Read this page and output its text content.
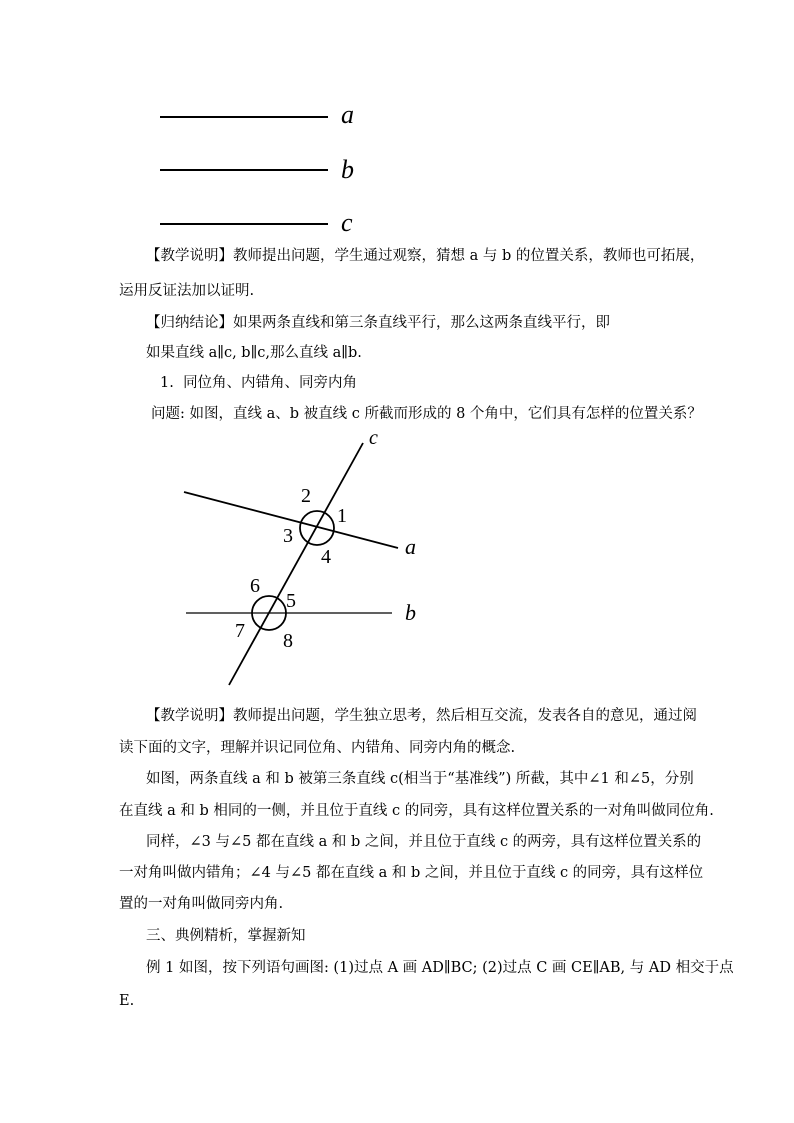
a
b
c
【教学说明】教师提出问题，学生通过观察，猜想 a 与 b 的位置关系，教师也可拓展，
运用反证法加以证明.
【归纳结论】如果两条直线和第三条直线平行，那么这两条直线平行，即
如果直线 a∥c, b∥c,那么直线 a∥b.
1. 同位角、内错角、同旁内角
问题: 如图，直线 a、b 被直线 c 所截而形成的 8 个角中，它们具有怎样的位置关系？
c
a
b
1
2
3
4
5
6
7 8
【教学说明】教师提出问题，学生独立思考，然后相互交流，发表各自的意见，通过阅
读下面的文字，理解并识记同位角、内错角、同旁内角的概念.
如图，两条直线 a 和 b 被第三条直线 c(相当于“基准线”) 所截，其中∠1 和∠5，分别
在直线 a 和 b 相同的一侧，并且位于直线 c 的同旁，具有这样位置关系的一对角叫做同位角.
同样，∠3 与∠5 都在直线 a 和 b 之间，并且位于直线 c 的两旁，具有这样位置关系的
一对角叫做内错角；∠4 与∠5 都在直线 a 和 b 之间，并且位于直线 c 的同旁，具有这样位
置的一对角叫做同旁内角.
三、典例精析，掌握新知
例 1 如图，按下列语句画图: (1)过点 A 画 AD∥BC; (2)过点 C 画 CE∥AB, 与 AD 相交于点
E.
